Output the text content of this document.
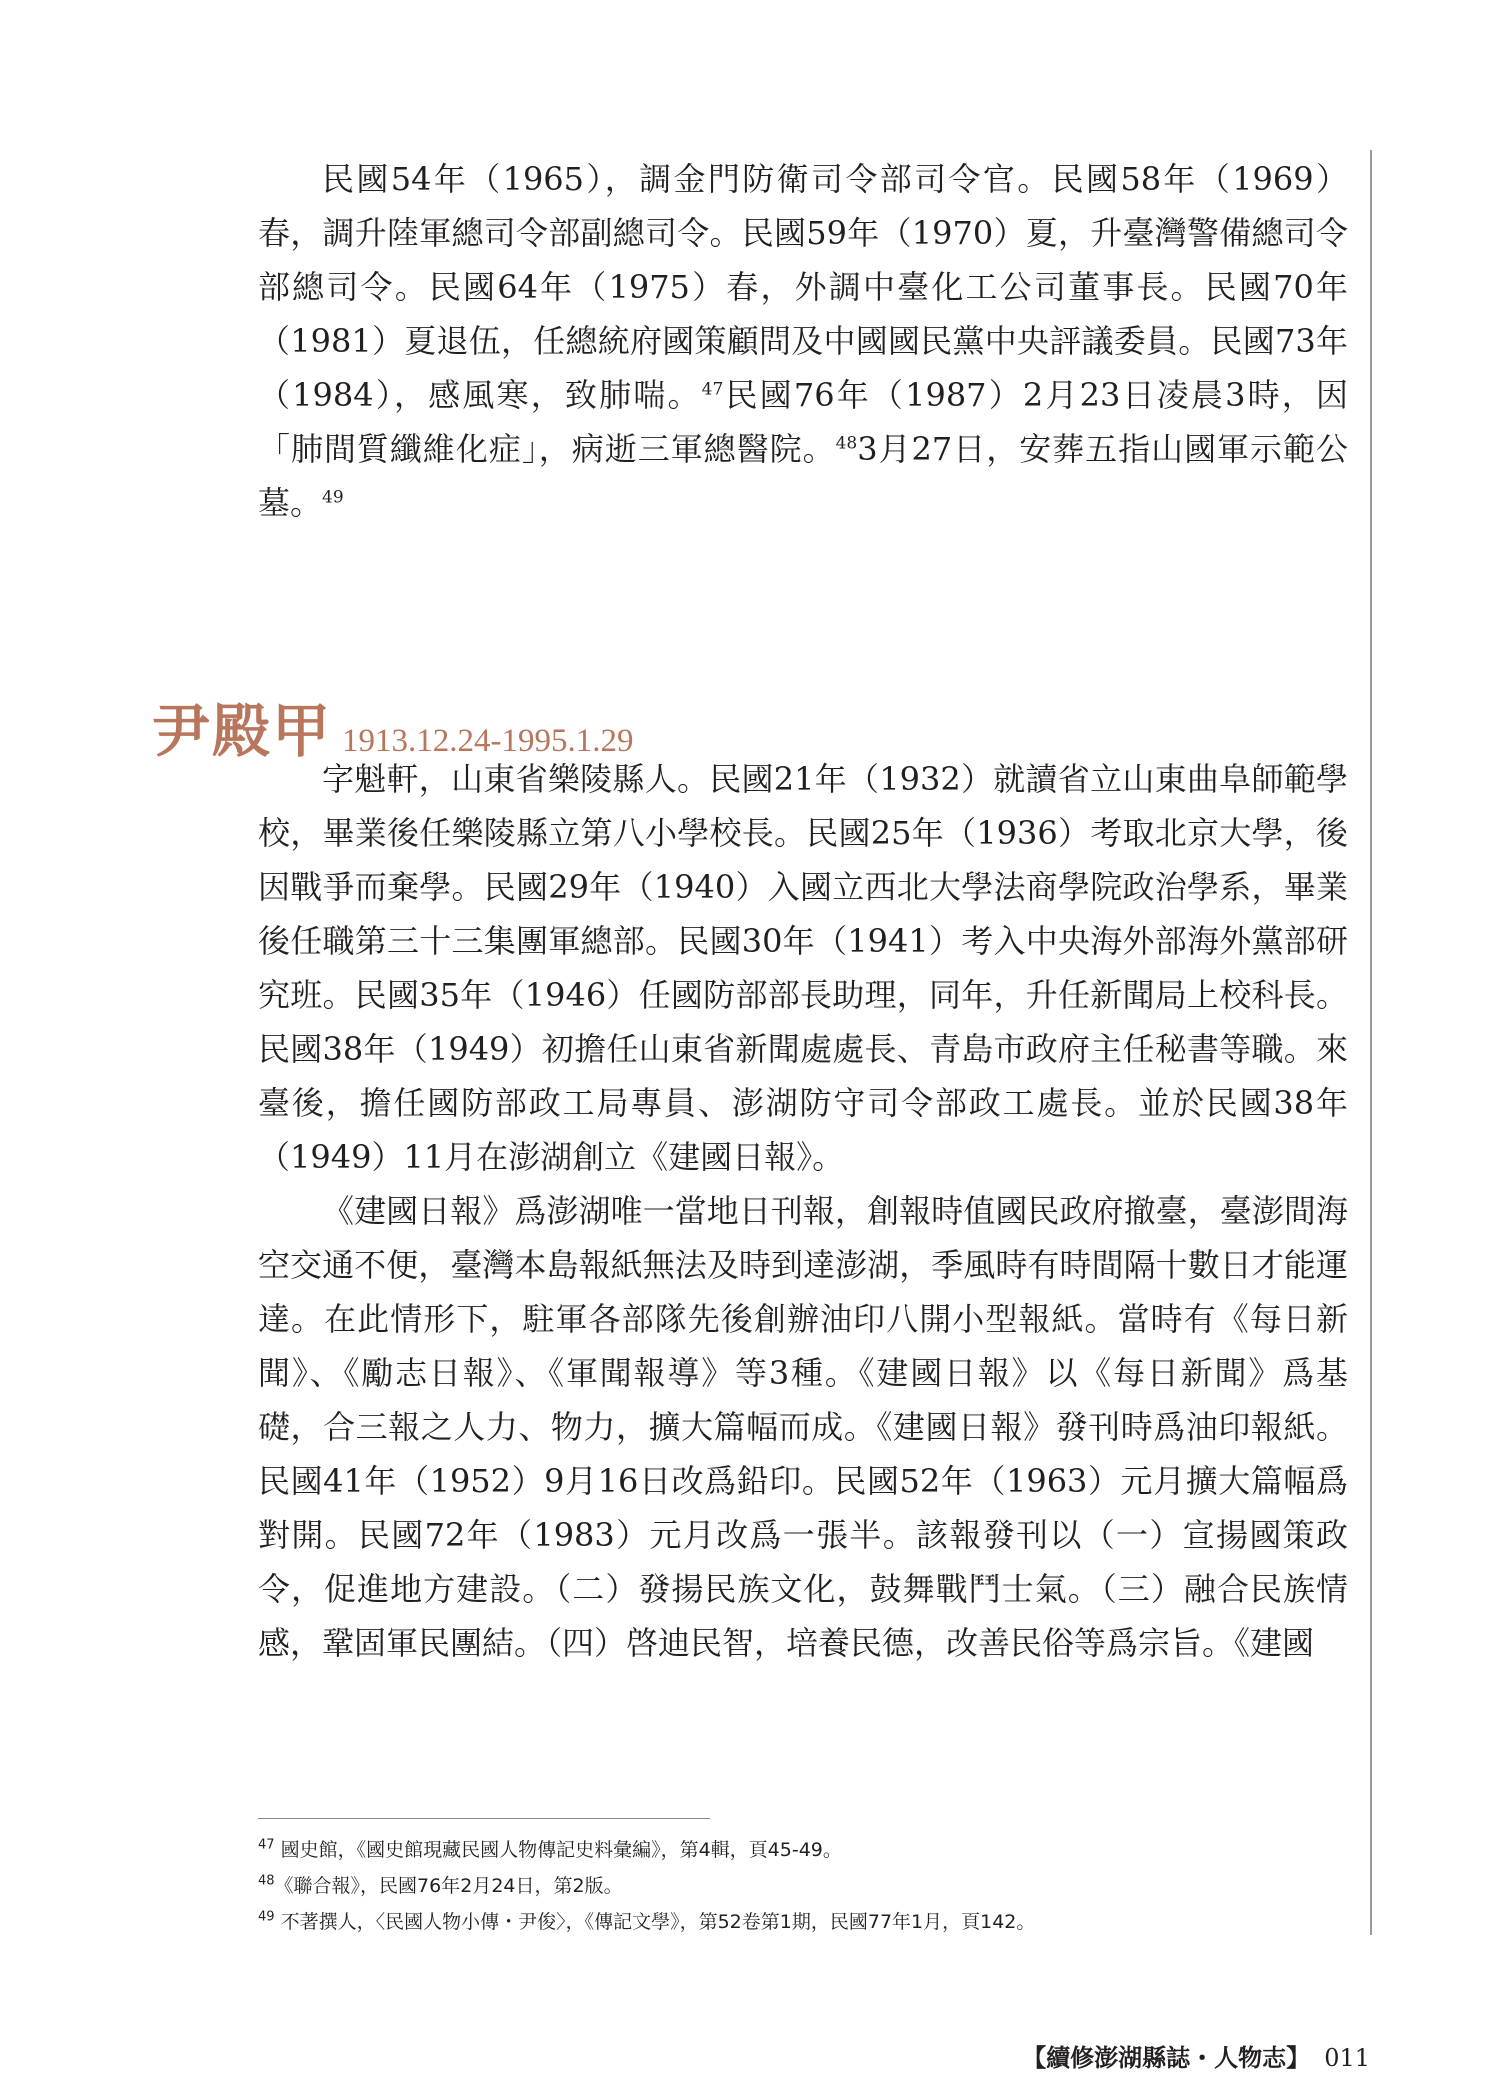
民國54年（1965），調金門防衛司令部司令官。民國58年（1969）春，調升陸軍總司令部副總司令。民國59年（1970）夏，升臺灣警備總司令部總司令。民國64年（1975）春，外調中臺化工公司董事長。民國70年（1981）夏退伍，任總統府國策顧問及中國國民黨中央評議委員。民國73年（1984），感風寒，致肺喘。$^{47}$民國76年（1987）2月23日凌晨3時，因「肺間質纖維化症」，病逝三軍總醫院。$^{48}$3月27日，安葬五指山國軍示範公墓。$^{49}$

尹殿甲 1913.12.24-1995.1.29

字魁軒，山東省樂陵縣人。民國21年（1932）就讀省立山東曲阜師範學校，畢業後任樂陵縣立第八小學校長。民國25年（1936）考取北京大學，後因戰爭而棄學。民國29年（1940）入國立西北大學法商學院政治學系，畢業後任職第三十三集團軍總部。民國30年（1941）考入中央海外部海外黨部研究班。民國35年（1946）任國防部部長助理，同年，升任新聞局上校科長。民國38年（1949）初擔任山東省新聞處處長、青島市政府主任秘書等職。來臺後，擔任國防部政工局專員、澎湖防守司令部政工處長。並於民國38年（1949）11月在澎湖創立《建國日報》。

《建國日報》爲澎湖唯一當地日刊報，創報時值國民政府撤臺，臺澎間海空交通不便，臺灣本島報紙無法及時到達澎湖，季風時有時間隔十數日才能運達。在此情形下，駐軍各部隊先後創辦油印八開小型報紙。當時有《每日新聞》、《勵志日報》、《軍聞報導》等3種。《建國日報》以《每日新聞》爲基礎，合三報之人力、物力，擴大篇幅而成。《建國日報》發刊時爲油印報紙。民國41年（1952）9月16日改爲鉛印。民國52年（1963）元月擴大篇幅爲對開。民國72年（1983）元月改爲一張半。該報發刊以（一）宣揚國策政令，促進地方建設。（二）發揚民族文化，鼓舞戰鬥士氣。（三）融合民族情感，鞏固軍民團結。（四）啓迪民智，培養民德，改善民俗等爲宗旨。《建國

$^{47}$ 國史館，《國史館現藏民國人物傳記史料彙編》，第4輯，頁45-49。

$^{48}$《聯合報》，民國76年2月24日，第2版。

$^{49}$ 不著撰人，〈民國人物小傳・尹俊〉，《傳記文學》，第52卷第1期，民國77年1月，頁142。

【續修澎湖縣誌・人物志】 011
